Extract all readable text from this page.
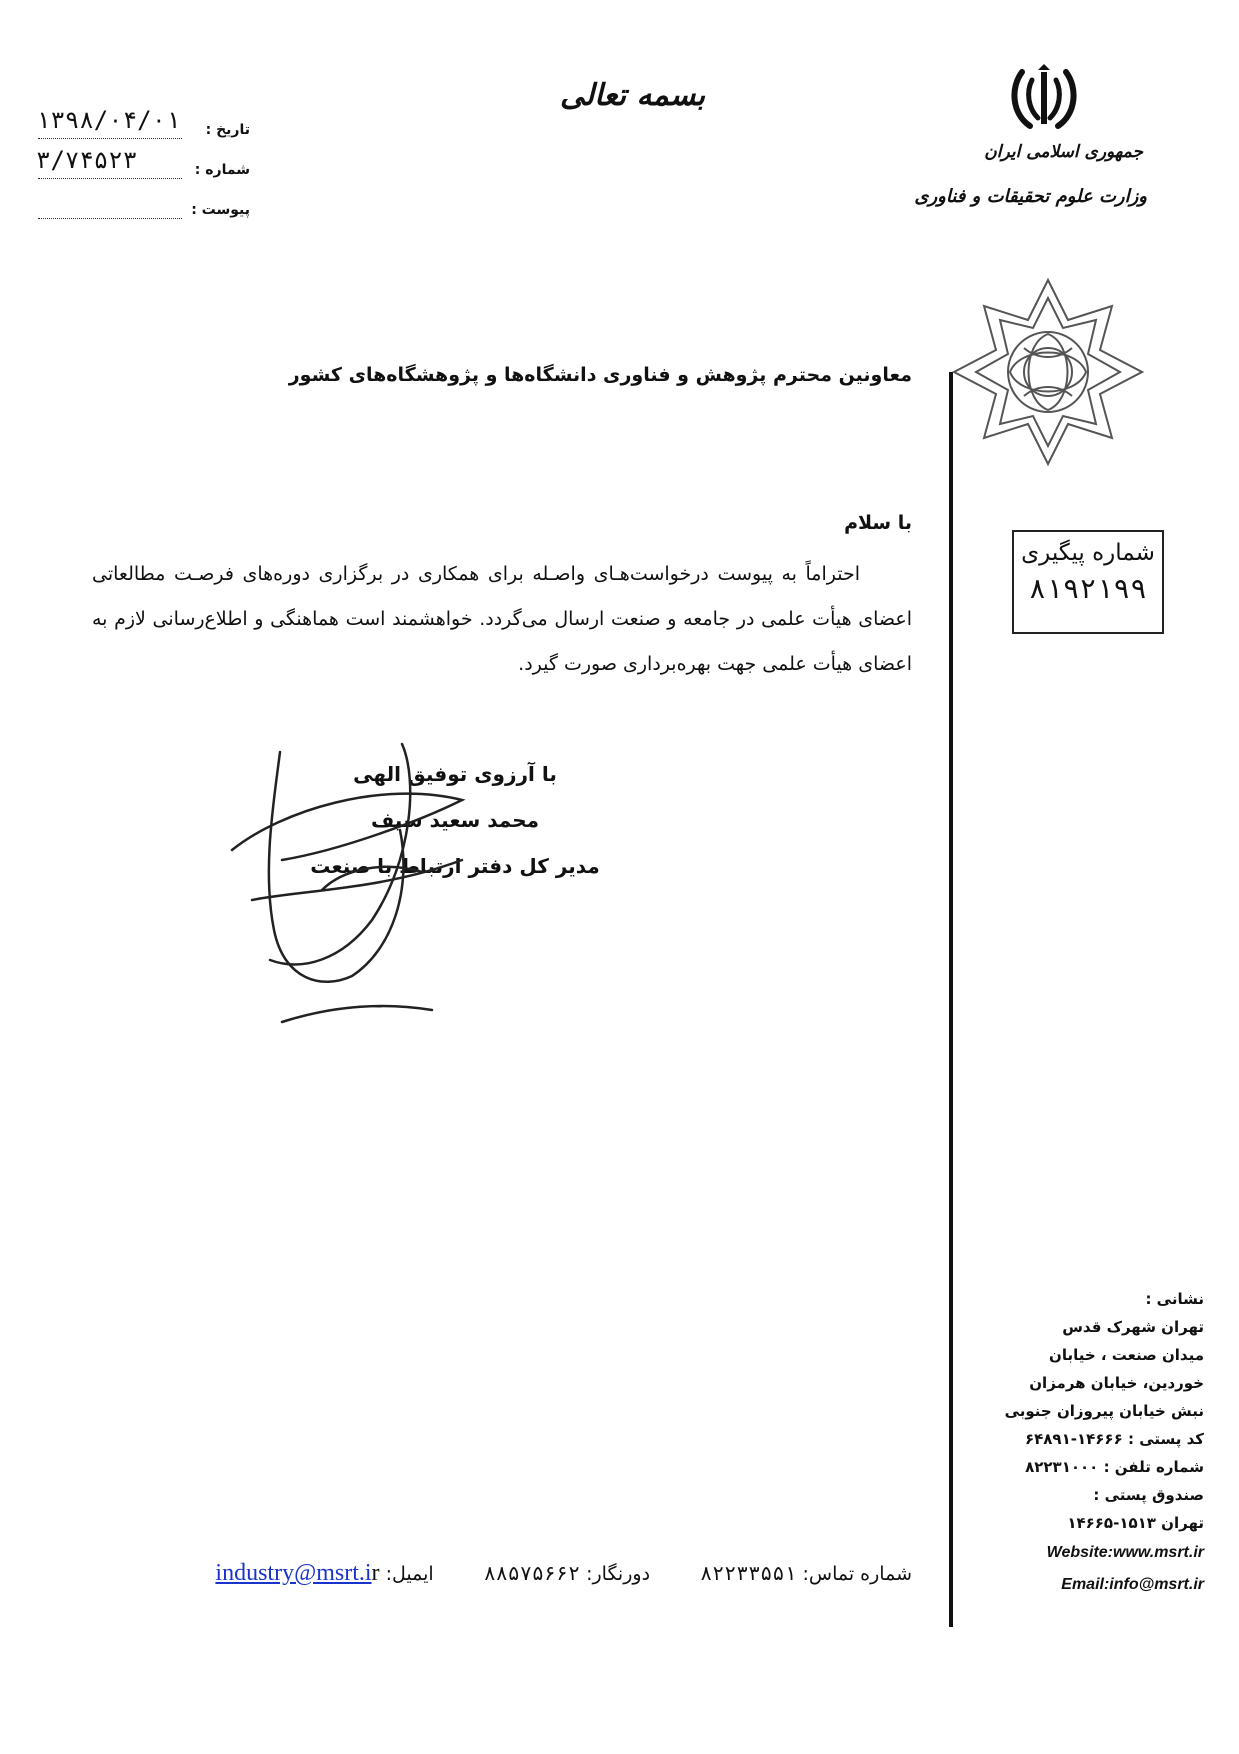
بسمه تعالی
تاریخ :
۱۳۹۸/۰۴/۰۱
شماره :
۳/۷۴۵۲۳
پیوست :
جمهوری اسلامی ایران
وزارت علوم تحقیقات و فناوری
معاونین محترم پژوهش و فناوری دانشگاه‌ها و پژوهشگاه‌های کشور
با سلام

احتراماً به پیوست درخواست‌هـای واصـله برای همکاری در برگزاری دوره‌های فرصـت مطالعاتی اعضای هیأت علمی در جامعه و صنعت ارسال می‌گردد. خواهشمند است هماهنگی و اطلاع‌رسانی لازم به اعضای هیأت علمی جهت بهره‌برداری صورت گیرد.

با آرزوی توفیق الهی
محمد سعید سیف
مدیر کل دفتر ارتباط با صنعت
شماره پیگیری
۸۱۹۲۱۹۹
نشانی :
تهران شهرک قدس
میدان صنعت ، خیابان
خوردین، خیابان هرمزان
نبش خیابان پیروزان جنوبی
کد پستی : ۱۴۶۶۶-۶۴۸۹۱
شماره تلفن : ۸۲۲۳۱۰۰۰
صندوق پستی :
تهران ۱۵۱۳-۱۴۶۶۵
Website:www.msrt.ir
Email:info@msrt.ir
شماره تماس: ۸۲۲۳۳۵۵۱ دورنگار: ۸۸۵۷۵۶۶۲ ایمیل: industry@msrt.ir
